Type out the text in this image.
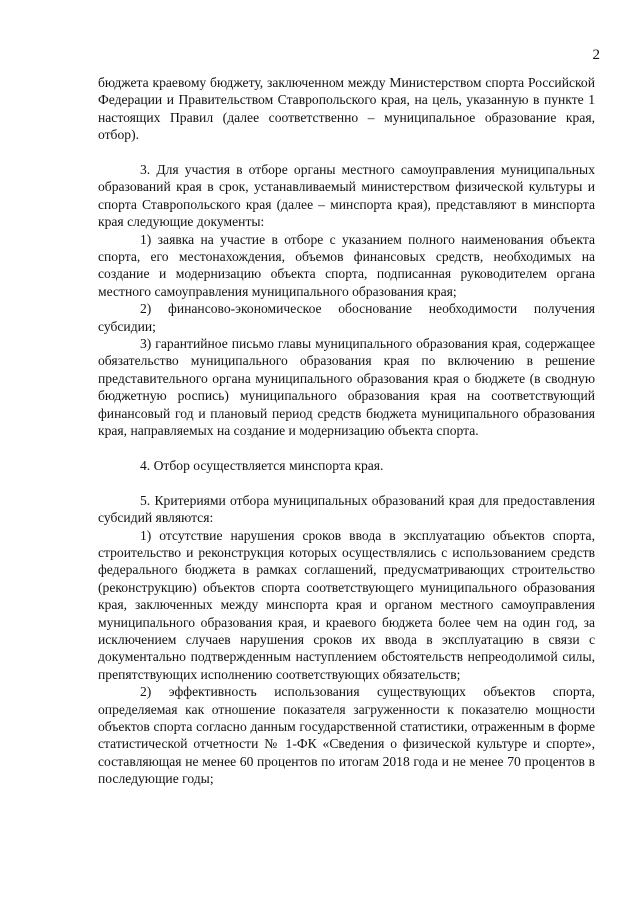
2

бюджета краевому бюджету, заключенном между Министерством спорта Российской Федерации и Правительством Ставропольского края, на цель, указанную в пункте 1 настоящих Правил (далее соответственно – муниципальное образование края, отбор).

3. Для участия в отборе органы местного самоуправления муниципальных образований края в срок, устанавливаемый министерством физической культуры и спорта Ставропольского края (далее – минспорта края), представляют в минспорта края следующие документы:

1) заявка на участие в отборе с указанием полного наименования объекта спорта, его местонахождения, объемов финансовых средств, необходимых на создание и модернизацию объекта спорта, подписанная руководителем органа местного самоуправления муниципального образования края;

2) финансово-экономическое обоснование необходимости получения субсидии;

3) гарантийное письмо главы муниципального образования края, содержащее обязательство муниципального образования края по включению в решение представительного органа муниципального образования края о бюджете (в сводную бюджетную роспись) муниципального образования края на соответствующий финансовый год и плановый период средств бюджета муниципального образования края, направляемых на создание и модернизацию объекта спорта.

4. Отбор осуществляется минспорта края.

5. Критериями отбора муниципальных образований края для предоставления субсидий являются:

1) отсутствие нарушения сроков ввода в эксплуатацию объектов спорта, строительство и реконструкция которых осуществлялись с использованием средств федерального бюджета в рамках соглашений, предусматривающих строительство (реконструкцию) объектов спорта соответствующего муниципального образования края, заключенных между минспорта края и органом местного самоуправления муниципального образования края, и краевого бюджета более чем на один год, за исключением случаев нарушения сроков их ввода в эксплуатацию в связи с документально подтвержденным наступлением обстоятельств непреодолимой силы, препятствующих исполнению соответствующих обязательств;

2) эффективность использования существующих объектов спорта, определяемая как отношение показателя загруженности к показателю мощности объектов спорта согласно данным государственной статистики, отраженным в форме статистической отчетности № 1-ФК «Сведения о физической культуре и спорте», составляющая не менее 60 процентов по итогам 2018 года и не менее 70 процентов в последующие годы;
